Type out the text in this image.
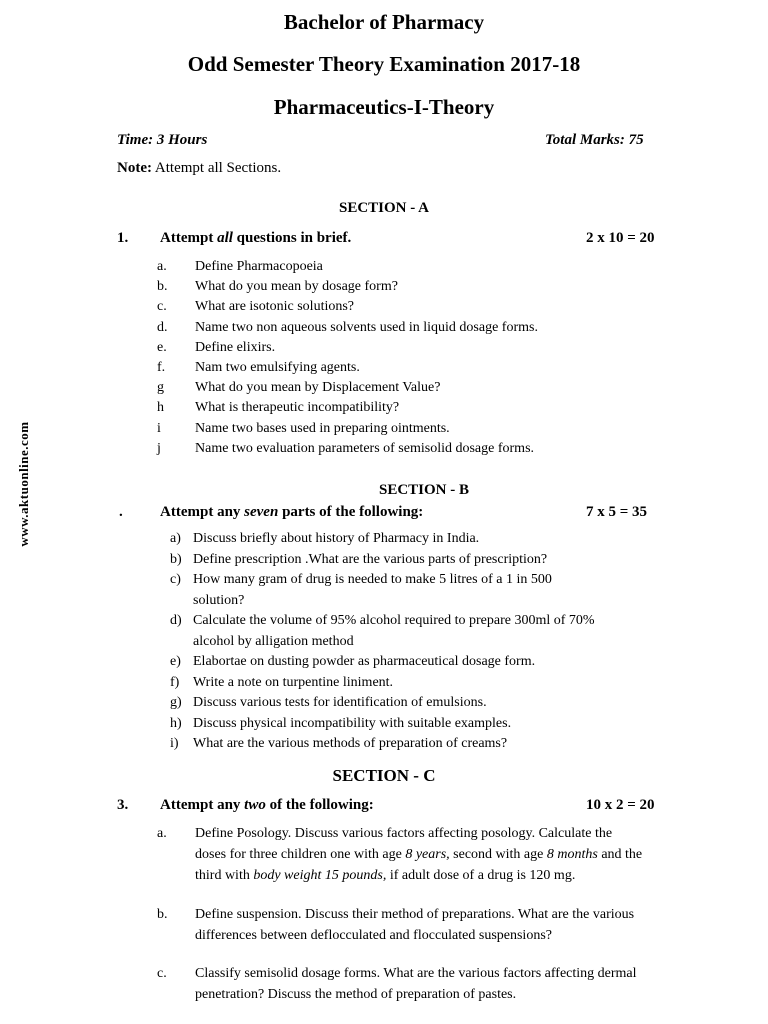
www.aktuonline.com
Bachelor of Pharmacy
Odd Semester Theory Examination 2017-18
Pharmaceutics-I-Theory
Time: 3 Hours	Total Marks: 75
Note: Attempt all Sections.
SECTION - A
1. Attempt all questions in brief.	2 x 10 = 20
a. Define Pharmacopoeia
b. What do you mean by dosage form?
c. What are isotonic solutions?
d. Name two non aqueous solvents used in liquid dosage forms.
e. Define elixirs.
f. Nam two emulsifying agents.
g What do you mean by Displacement Value?
h What is therapeutic incompatibility?
i Name two bases used in preparing ointments.
j Name two evaluation parameters of semisolid dosage forms.
SECTION - B
. Attempt any seven parts of the following:	7 x 5 = 35
a) Discuss briefly about history of Pharmacy in India.
b) Define prescription .What are the various parts of prescription?
c) How many gram of drug is needed to make 5 litres of a 1 in 500
solution?
d) Calculate the volume of 95% alcohol required to prepare 300ml of 70%
alcohol by alligation method
e) Elabortae on dusting powder as pharmaceutical dosage form.
f) Write a note on turpentine liniment.
g) Discuss various tests for identification of emulsions.
h) Discuss physical incompatibility with suitable examples.
i) What are the various methods of preparation of creams?
SECTION - C
3. Attempt any two of the following:	10 x 2 = 20
a. Define Posology. Discuss various factors affecting posology. Calculate the
doses for three children one with age 8 years, second with age 8 months and the
third with body weight 15 pounds, if adult dose of a drug is 120 mg.
b. Define suspension. Discuss their method of preparations. What are the various
differences between deflocculated and flocculated suspensions?
c. Classify semisolid dosage forms. What are the various factors affecting dermal
penetration? Discuss the method of preparation of pastes.
